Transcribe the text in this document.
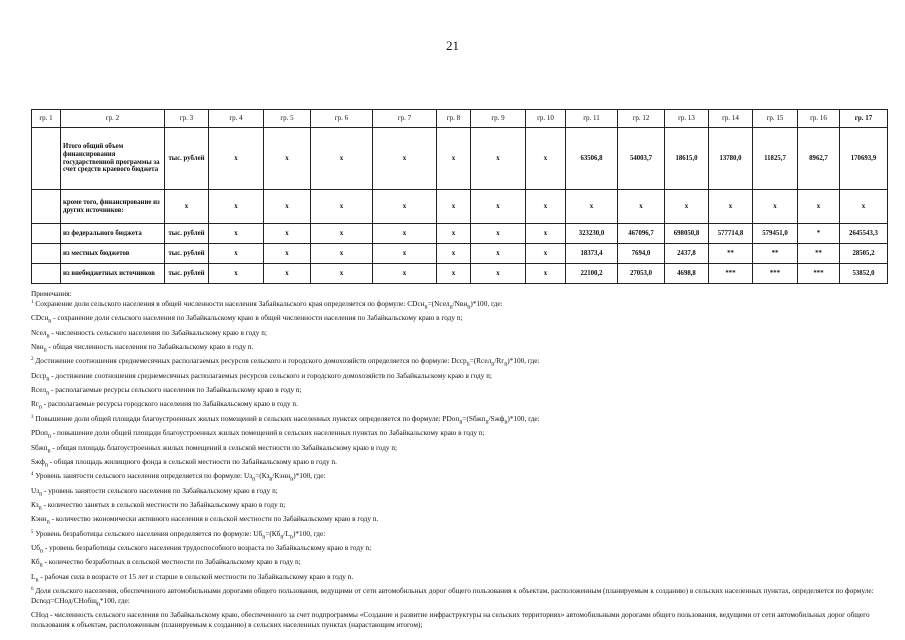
21
гр. 1	гр. 2	гр. 3	гр. 4	гр. 5	гр. 6	гр. 7	гр. 8	гр. 9	гр. 10	гр. 11	гр. 12	гр. 13	гр. 14	гр. 15	гр. 16	гр. 17
	Итого общий объем финансирования государственной программы за счет средств краевого бюджета	тыс. рублей	х	х	х	х	х	х	х	63506,8	54003,7	18615,0	13780,0	11825,7	8962,7	170693,9
	кроме того, финансирование из других источников:	х	х	х	х	х	х	х	х	х	х	х	х	х	х	х
	из федерального бюджета	тыс. рублей	х	х	х	х	х	х	х	323230,0	467096,7	698050,8	577714,8	579451,0	*	2645543,3
	из местных бюджетов	тыс. рублей	х	х	х	х	х	х	х	18373,4	7694,0	2437,8	**	**	**	28505,2
	из внебюджетных источников	тыс. рублей	х	х	х	х	х	х	х	22100,2	27053,0	4698,8	***	***	***	53852,0

Примечания:

$^1$ Сохранение доли сельского населения в общей численности населения Забайкальского края определяется по формуле: CDсн$_n$=(Nсел$_n$/Nвн$_n$)*100, где:

CDсн$_n$ - сохранение доли сельского населения по Забайкальскому краю в общей численности населения по Забайкальскому краю в году n;

Nсел$_n$ - численность сельского населения по Забайкальскому краю в году n;

Nвн$_n$ - общая численность населения по Забайкальскому краю в году n.

$^2$ Достижение соотношения среднемесячных располагаемых ресурсов сельского и городского домохозяйств определяется по формуле: $Dсср_n=(Rсел_n/Rг_n)*100$, где:

Dсср$_n$ - достижение соотношения среднемесячных располагаемых ресурсов сельского и городского домохозяйств по Забайкальскому краю в году n;

Rсел$_n$ - располагаемые ресурсы сельского населения по Забайкальскому краю в году n;

$Rг_n$ - располагаемые ресурсы городского населения по Забайкальскому краю в году n.

$^3$ Повышение доли общей площади благоустроенных жилых помещений в сельских населенных пунктах определяется по формуле: PDоп$_n$=(Sбжп$_n$/Sжф$_n$)*100, где:

PDоп$_n$ - повышение доли общей площади благоустроенных жилых помещений в сельских населенных пунктах по Забайкальскому краю в году n;

Sбжп$_n$ - общая площадь благоустроенных жилых помещений в сельской местности по Забайкальскому краю в году n;

Sжф$_n$ - общая площадь жилищного фонда в сельской местности по Забайкальскому краю в году n.

$^4$ Уровень занятости сельского населения определяется по формуле: $Uз_n=(Кз_n/Кэнн_n)*100$, где:

$Uз_n$ - уровень занятости сельского населения по Забайкальскому краю в году n;

$Кз_n$ - количество занятых в сельской местности по Забайкальскому краю в году n;

Кэнн$_n$ - количество экономически активного населения в сельской местности по Забайкальскому краю в году n.

$^5$ Уровень безработицы сельского населения определяется по формуле: $Uб_n=(Кб_n/L_n)*100$, где:

$Uб_n$ - уровень безработицы сельского населения трудоспособного возраста по Забайкальскому краю в году n;

$Кб_n$ - количество безработных в сельской местности по Забайкальскому краю в году n;

$L_n$ - рабочая сила в возрасте от 15 лет и старше в сельской местности по Забайкальскому краю в году n.

$^6$ Доля сельского населения, обеспеченного автомобильными дорогами общего пользования, ведущими от сети автомобильных дорог общего пользования к объектам, расположенным (планируемым к созданию) в сельских населенных пунктах, определяется по формуле: Dсnод=CHод/CHобщ$_n$*100, где:

CHод - численность сельского населения по Забайкальскому краю, обеспеченного за счет подпрограммы «Создание и развитие инфраструктуры на сельских территориях» автомобильными дорогами общего пользования, ведущими от сети автомобильных дорог общего пользования к объектам, расположенным (планируемым к созданию) в сельских населенных пунктах (нарастающим итогом);
